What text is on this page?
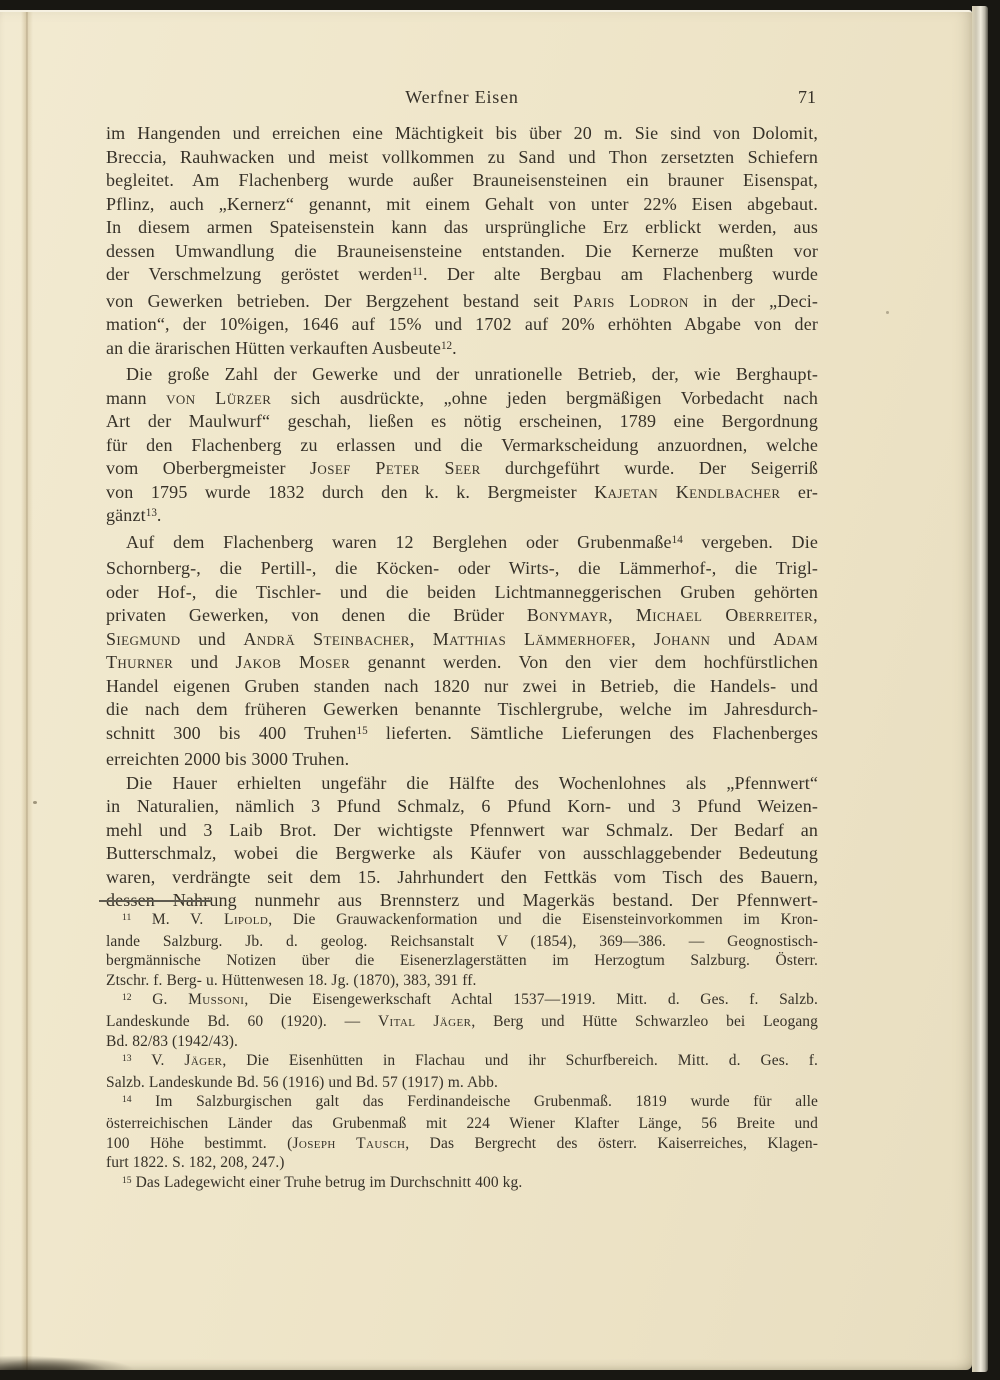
Werfner Eisen	71
im Hangenden und erreichen eine Mächtigkeit bis über 20 m. Sie sind von Dolomit,
Breccia, Rauhwacken und meist vollkommen zu Sand und Thon zersetzten Schiefern
begleitet. Am Flachenberg wurde außer Brauneisensteinen ein brauner Eisenspat,
Pflinz, auch „Kernerz“ genannt, mit einem Gehalt von unter 22% Eisen abgebaut.
In diesem armen Spateisenstein kann das ursprüngliche Erz erblickt werden, aus
dessen Umwandlung die Brauneisensteine entstanden. Die Kernerze mußten vor
der Verschmelzung geröstet werden$^{11}$. Der alte Bergbau am Flachenberg wurde
von Gewerken betrieben. Der Bergzehent bestand seit Paris Lodron in der „Deci-
mation“, der 10%igen, 1646 auf 15% und 1702 auf 20% erhöhten Abgabe von der
an die ärarischen Hütten verkauften Ausbeute$^{12}$.
Die große Zahl der Gewerke und der unrationelle Betrieb, der, wie Berghaupt-
mann von Lürzer sich ausdrückte, „ohne jeden bergmäßigen Vorbedacht nach
Art der Maulwurf“ geschah, ließen es nötig erscheinen, 1789 eine Bergordnung
für den Flachenberg zu erlassen und die Vermarkscheidung anzuordnen, welche
vom Oberbergmeister Josef Peter Seer durchgeführt wurde. Der Seigerriß
von 1795 wurde 1832 durch den k. k. Bergmeister Kajetan Kendlbacher er-
gänzt$^{13}$.
Auf dem Flachenberg waren 12 Berglehen oder Grubenmaße$^{14}$ vergeben. Die
Schornberg-, die Pertill-, die Köcken- oder Wirts-, die Lämmerhof-, die Trigl-
oder Hof-, die Tischler- und die beiden Lichtmanneggerischen Gruben gehörten
privaten Gewerken, von denen die Brüder Bonymayr, Michael Oberreiter,
Siegmund und Andrä Steinbacher, Matthias Lämmerhofer, Johann und Adam
Thurner und Jakob Moser genannt werden. Von den vier dem hochfürstlichen
Handel eigenen Gruben standen nach 1820 nur zwei in Betrieb, die Handels- und
die nach dem früheren Gewerken benannte Tischlergrube, welche im Jahresdurch-
schnitt 300 bis 400 Truhen$^{15}$ lieferten. Sämtliche Lieferungen des Flachenberges
erreichten 2000 bis 3000 Truhen.
Die Hauer erhielten ungefähr die Hälfte des Wochenlohnes als „Pfennwert“
in Naturalien, nämlich 3 Pfund Schmalz, 6 Pfund Korn- und 3 Pfund Weizen-
mehl und 3 Laib Brot. Der wichtigste Pfennwert war Schmalz. Der Bedarf an
Butterschmalz, wobei die Bergwerke als Käufer von ausschlaggebender Bedeutung
waren, verdrängte seit dem 15. Jahrhundert den Fettkäs vom Tisch des Bauern,
dessen Nahrung nunmehr aus Brennsterz und Magerkäs bestand. Der Pfennwert-
$^{11}$ M. V. Lipold, Die Grauwackenformation und die Eisensteinvorkommen im Kron-
lande Salzburg. Jb. d. geolog. Reichsanstalt V (1854), 369—386. — Geognostisch-
bergmännische Notizen über die Eisenerzlagerstätten im Herzogtum Salzburg. Österr.
Ztschr. f. Berg- u. Hüttenwesen 18. Jg. (1870), 383, 391 ff.
$^{12}$ G. Mussoni, Die Eisengewerkschaft Achtal 1537—1919. Mitt. d. Ges. f. Salzb.
Landeskunde Bd. 60 (1920). — Vital Jäger, Berg und Hütte Schwarzleo bei Leogang
Bd. 82/83 (1942/43).
$^{13}$ V. Jäger, Die Eisenhütten in Flachau und ihr Schurfbereich. Mitt. d. Ges. f.
Salzb. Landeskunde Bd. 56 (1916) und Bd. 57 (1917) m. Abb.
$^{14}$ Im Salzburgischen galt das Ferdinandeische Grubenmaß. 1819 wurde für alle
österreichischen Länder das Grubenmaß mit 224 Wiener Klafter Länge, 56 Breite und
100 Höhe bestimmt. (Joseph Tausch, Das Bergrecht des österr. Kaiserreiches, Klagen-
furt 1822. S. 182, 208, 247.)
$^{15}$ Das Ladegewicht einer Truhe betrug im Durchschnitt 400 kg.
